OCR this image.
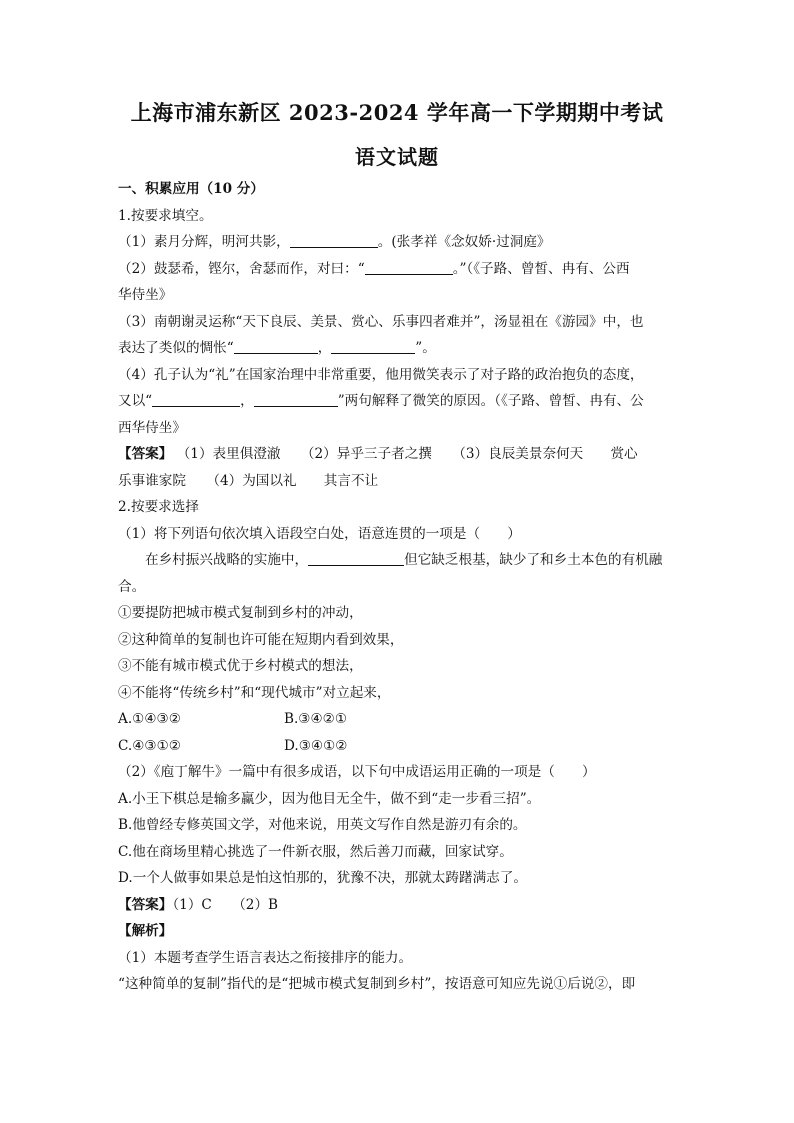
上海市浦东新区 2023-2024 学年高一下学期期中考试
语文试题
一、积累应用（10 分）
1.按要求填空。
（1）素月分辉，明河共影，	。(张孝祥《念奴娇·过洞庭》
（2）鼓瑟希，铿尔，舍瑟而作，对曰：“	。”（《子路、曾皙、冉有、公西
华侍坐》
（3）南朝谢灵运称“天下良辰、美景、赏心、乐事四者难并”，汤显祖在《游园》中，也
表达了类似的惆怅“	，	”。
（4）孔子认为“礼”在国家治理中非常重要，他用微笑表示了对子路的政治抱负的态度，
又以“	，	”两句解释了微笑的原因。（《子路、曾皙、冉有、公
西华侍坐》
【答案】 （1）表里俱澄澈　　（2）异乎三子者之撰　　（3）良辰美景奈何天　　赏心
乐事谁家院　　（4）为国以礼　　其言不让
2.按要求选择
（1）将下列语句依次填入语段空白处，语意连贯的一项是（　　）
在乡村振兴战略的实施中，	但它缺乏根基，缺少了和乡土本色的有机融
合。
①要提防把城市模式复制到乡村的冲动，
②这种简单的复制也许可能在短期内看到效果，
③不能有城市模式优于乡村模式的想法，
④不能将“传统乡村”和“现代城市”对立起来，
A.①④③②	B.③④②①
C.④③①②	D.③④①②
（2）《庖丁解牛》一篇中有很多成语，以下句中成语运用正确的一项是（　　）
A.小王下棋总是输多赢少，因为他目无全牛，做不到“走一步看三招”。
B.他曾经专修英国文学，对他来说，用英文写作自然是游刃有余的。
C.他在商场里精心挑选了一件新衣服，然后善刀而藏，回家试穿。
D.一个人做事如果总是怕这怕那的，犹豫不决，那就太踌躇满志了。
【答案】（1）C　　（2）B
【解析】
（1）本题考查学生语言表达之衔接排序的能力。
“这种简单的复制”指代的是“把城市模式复制到乡村”，按语意可知应先说①后说②，即
